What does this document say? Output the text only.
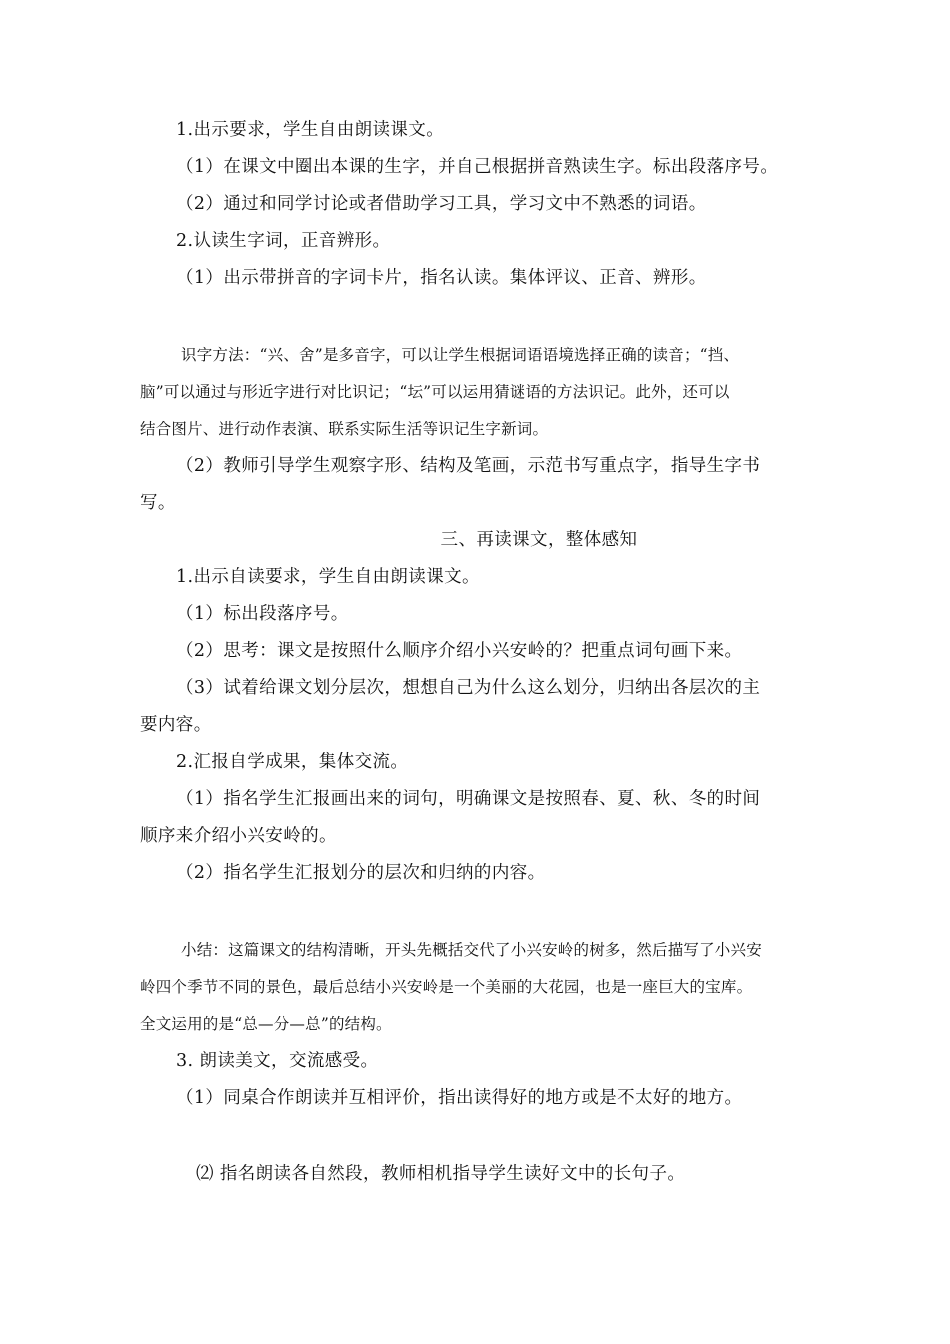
1.出示要求，学生自由朗读课文。
（1）在课文中圈出本课的生字，并自己根据拼音熟读生字。标出段落序号。
（2）通过和同学讨论或者借助学习工具，学习文中不熟悉的词语。
2.认读生字词，正音辨形。
（1）出示带拼音的字词卡片，指名认读。集体评议、正音、辨形。
识字方法：“兴、舍”是多音字，可以让学生根据词语语境选择正确的读音；“挡、
脑”可以通过与形近字进行对比识记；“坛”可以运用猜谜语的方法识记。此外，还可以
结合图片、进行动作表演、联系实际生活等识记生字新词。
（2）教师引导学生观察字形、结构及笔画，示范书写重点字，指导生字书
写。
三、再读课文，整体感知
1.出示自读要求，学生自由朗读课文。
（1）标出段落序号。
（2）思考：课文是按照什么顺序介绍小兴安岭的？把重点词句画下来。
（3）试着给课文划分层次，想想自己为什么这么划分，归纳出各层次的主
要内容。
2.汇报自学成果，集体交流。
（1）指名学生汇报画出来的词句，明确课文是按照春、夏、秋、冬的时间
顺序来介绍小兴安岭的。
（2）指名学生汇报划分的层次和归纳的内容。
小结：这篇课文的结构清晰，开头先概括交代了小兴安岭的树多，然后描写了小兴安
岭四个季节不同的景色，最后总结小兴安岭是一个美丽的大花园，也是一座巨大的宝库。
全文运用的是“总—分—总”的结构。
3. 朗读美文，交流感受。
（1）同桌合作朗读并互相评价，指出读得好的地方或是不太好的地方。
⑵ 指名朗读各自然段，教师相机指导学生读好文中的长句子。
